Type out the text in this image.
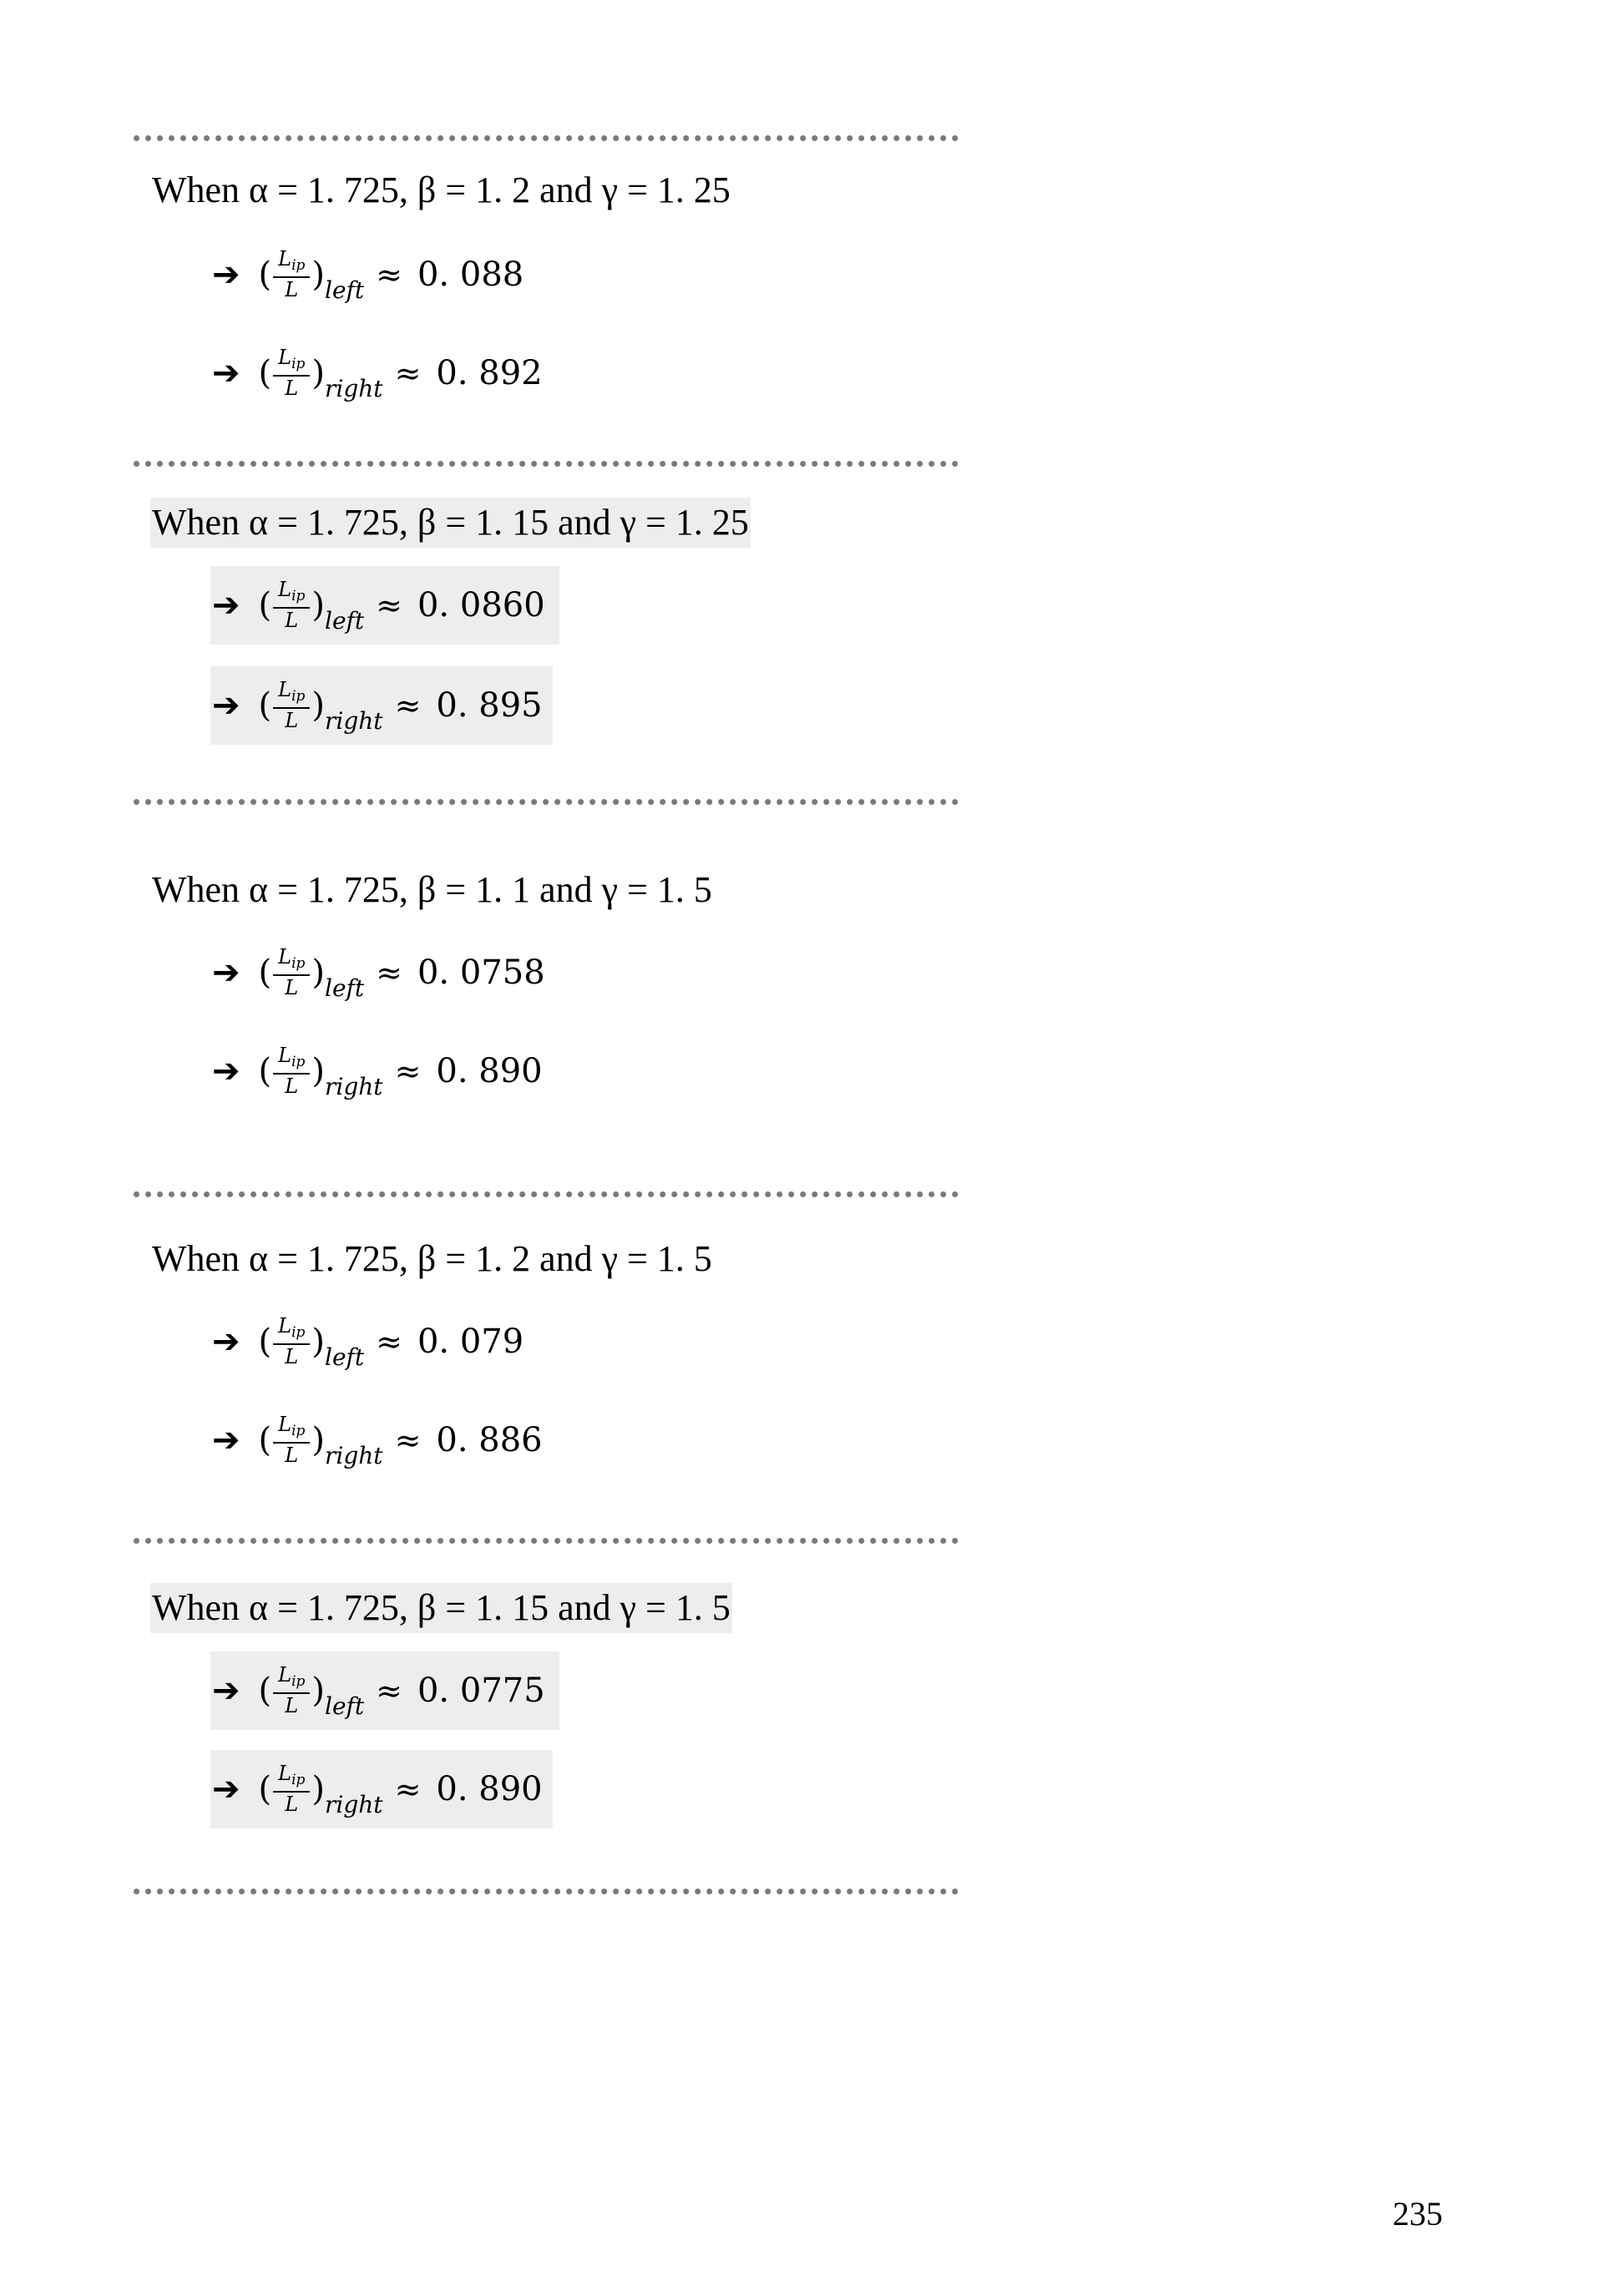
When α = 1. 725, β = 1. 2 and γ = 1. 25
➔ ( $\frac{L_{ip}}{L}$ ) left ≈ 0. 088
➔ ( $\frac{L_{ip}}{L}$ ) right ≈ 0. 892
When α = 1. 725, β = 1. 15 and γ = 1. 25
➔ ( $\frac{L_{ip}}{L}$ ) left ≈ 0. 0860
➔ ( $\frac{L_{ip}}{L}$ ) right ≈ 0. 895
When α = 1. 725, β = 1. 1 and γ = 1. 5
➔ ( $\frac{L_{ip}}{L}$ ) left ≈ 0. 0758
➔ ( $\frac{L_{ip}}{L}$ ) right ≈ 0. 890
When α = 1. 725, β = 1. 2 and γ = 1. 5
➔ ( $\frac{L_{ip}}{L}$ ) left ≈ 0. 079
➔ ( $\frac{L_{ip}}{L}$ ) right ≈ 0. 886
When α = 1. 725, β = 1. 15 and γ = 1. 5
➔ ( $\frac{L_{ip}}{L}$ ) left ≈ 0. 0775
➔ ( $\frac{L_{ip}}{L}$ ) right ≈ 0. 890
235
